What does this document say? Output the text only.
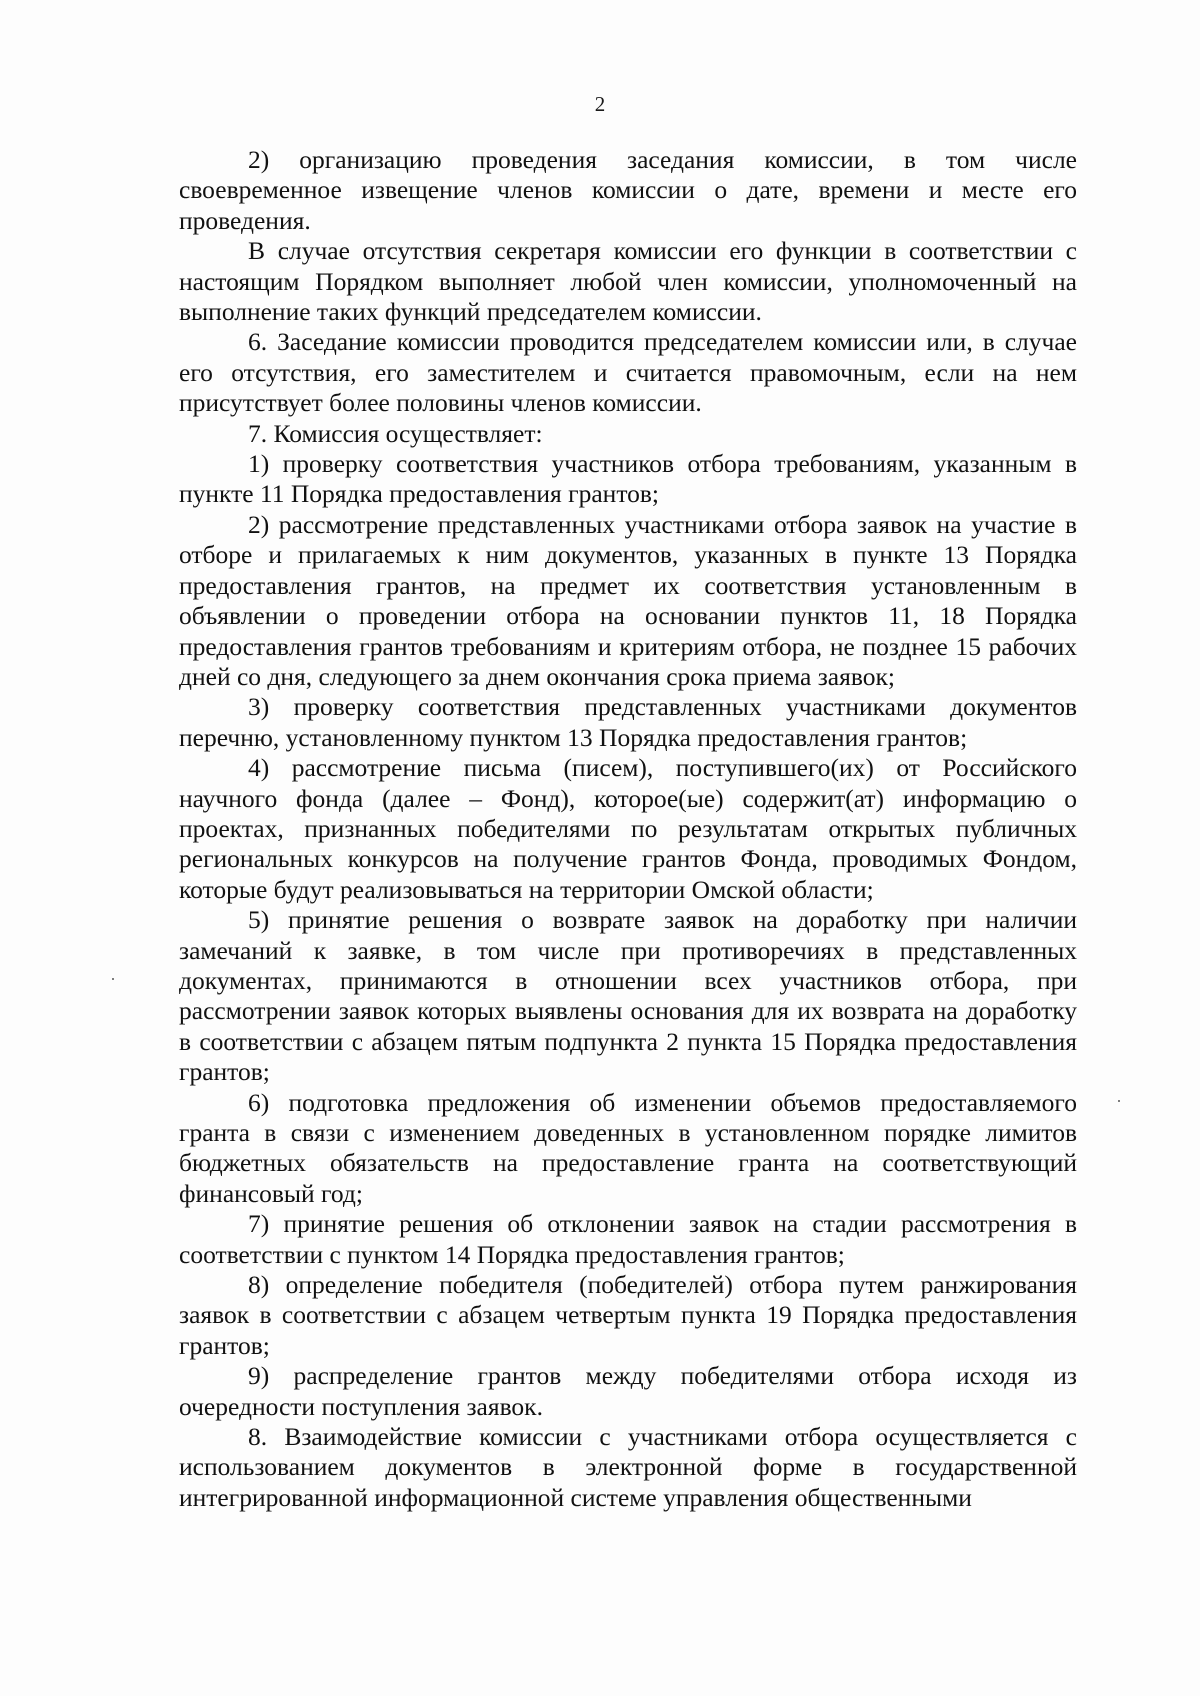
2

2) организацию проведения заседания комиссии, в том числе своевременное извещение членов комиссии о дате, времени и месте его проведения.

В случае отсутствия секретаря комиссии его функции в соответствии с настоящим Порядком выполняет любой член комиссии, уполномоченный на выполнение таких функций председателем комиссии.

6. Заседание комиссии проводится председателем комиссии или, в случае его отсутствия, его заместителем и считается правомочным, если на нем присутствует более половины членов комиссии.

7. Комиссия осуществляет:

1) проверку соответствия участников отбора требованиям, указанным в пункте 11 Порядка предоставления грантов;

2) рассмотрение представленных участниками отбора заявок на участие в отборе и прилагаемых к ним документов, указанных в пункте 13 Порядка предоставления грантов, на предмет их соответствия установленным в объявлении о проведении отбора на основании пунктов 11, 18 Порядка предоставления грантов требованиям и критериям отбора, не позднее 15 рабочих дней со дня, следующего за днем окончания срока приема заявок;

3) проверку соответствия представленных участниками документов перечню, установленному пунктом 13 Порядка предоставления грантов;

4) рассмотрение письма (писем), поступившего(их) от Российского научного фонда (далее – Фонд), которое(ые) содержит(ат) информацию о проектах, признанных победителями по результатам открытых публичных региональных конкурсов на получение грантов Фонда, проводимых Фондом, которые будут реализовываться на территории Омской области;

5) принятие решения о возврате заявок на доработку при наличии замечаний к заявке, в том числе при противоречиях в представленных документах, принимаются в отношении всех участников отбора, при рассмотрении заявок которых выявлены основания для их возврата на доработку в соответствии с абзацем пятым подпункта 2 пункта 15 Порядка предоставления грантов;

6) подготовка предложения об изменении объемов предоставляемого гранта в связи с изменением доведенных в установленном порядке лимитов бюджетных обязательств на предоставление гранта на соответствующий финансовый год;

7) принятие решения об отклонении заявок на стадии рассмотрения в соответствии с пунктом 14 Порядка предоставления грантов;

8) определение победителя (победителей) отбора путем ранжирования заявок в соответствии с абзацем четвертым пункта 19 Порядка предоставления грантов;

9) распределение грантов между победителями отбора исходя из очередности поступления заявок.

8. Взаимодействие комиссии с участниками отбора осуществляется с использованием документов в электронной форме в государственной интегрированной информационной системе управления общественными
